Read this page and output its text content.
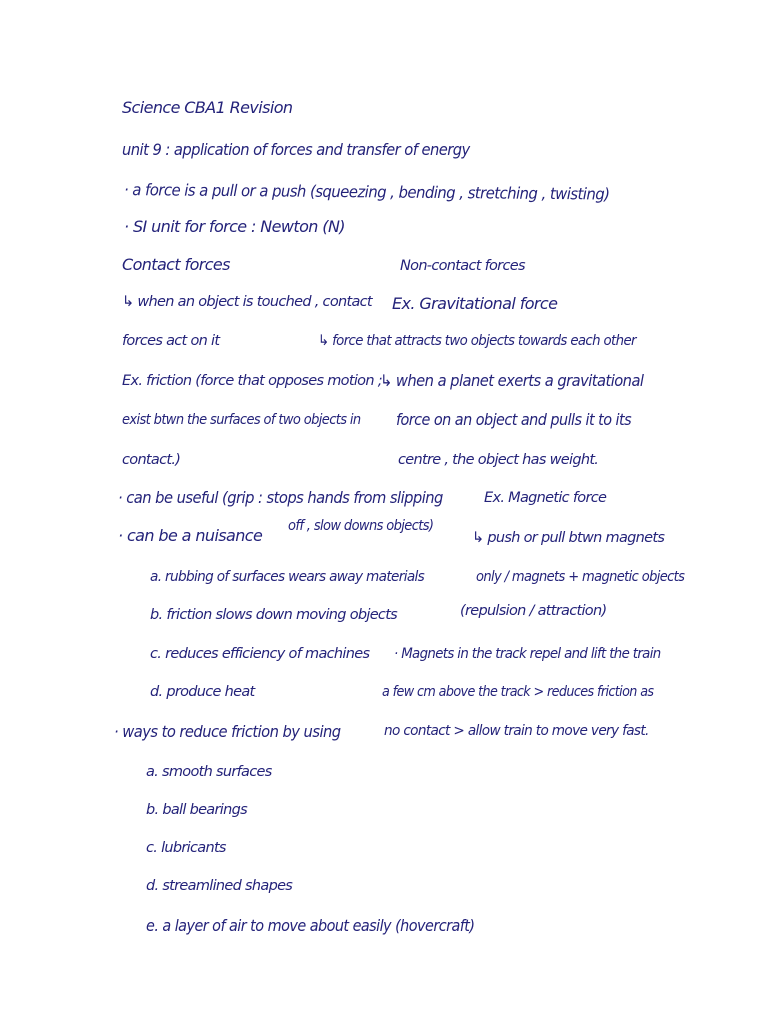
Science CBA1 Revision
unit 9 : application of forces and transfer of energy
· a force is a pull or a push (squeezing , bending , stretching , twisting)
· SI unit for force : Newton (N)
Contact forces
↳ when an object is touched , contact
forces act on it
Ex. friction (force that opposes motion ;
exist btwn the surfaces of two objects in
contact.)
· can be useful (grip : stops hands from slipping
off , slow downs objects)
· can be a nuisance
a. rubbing of surfaces wears away materials
b. friction slows down moving objects
c. reduces efficiency of machines
d. produce heat
· ways to reduce friction by using
a. smooth surfaces
b. ball bearings
c. lubricants
d. streamlined shapes
e. a layer of air to move about easily (hovercraft)
Non-contact forces
Ex. Gravitational force
↳ force that attracts two objects towards each other
↳ when a planet exerts a gravitational
force on an object and pulls it to its
centre , the object has weight.
Ex. Magnetic force
↳ push or pull btwn magnets
only / magnets + magnetic objects
(repulsion / attraction)
· Magnets in the track repel and lift the train
a few cm above the track > reduces friction as
no contact > allow train to move very fast.
